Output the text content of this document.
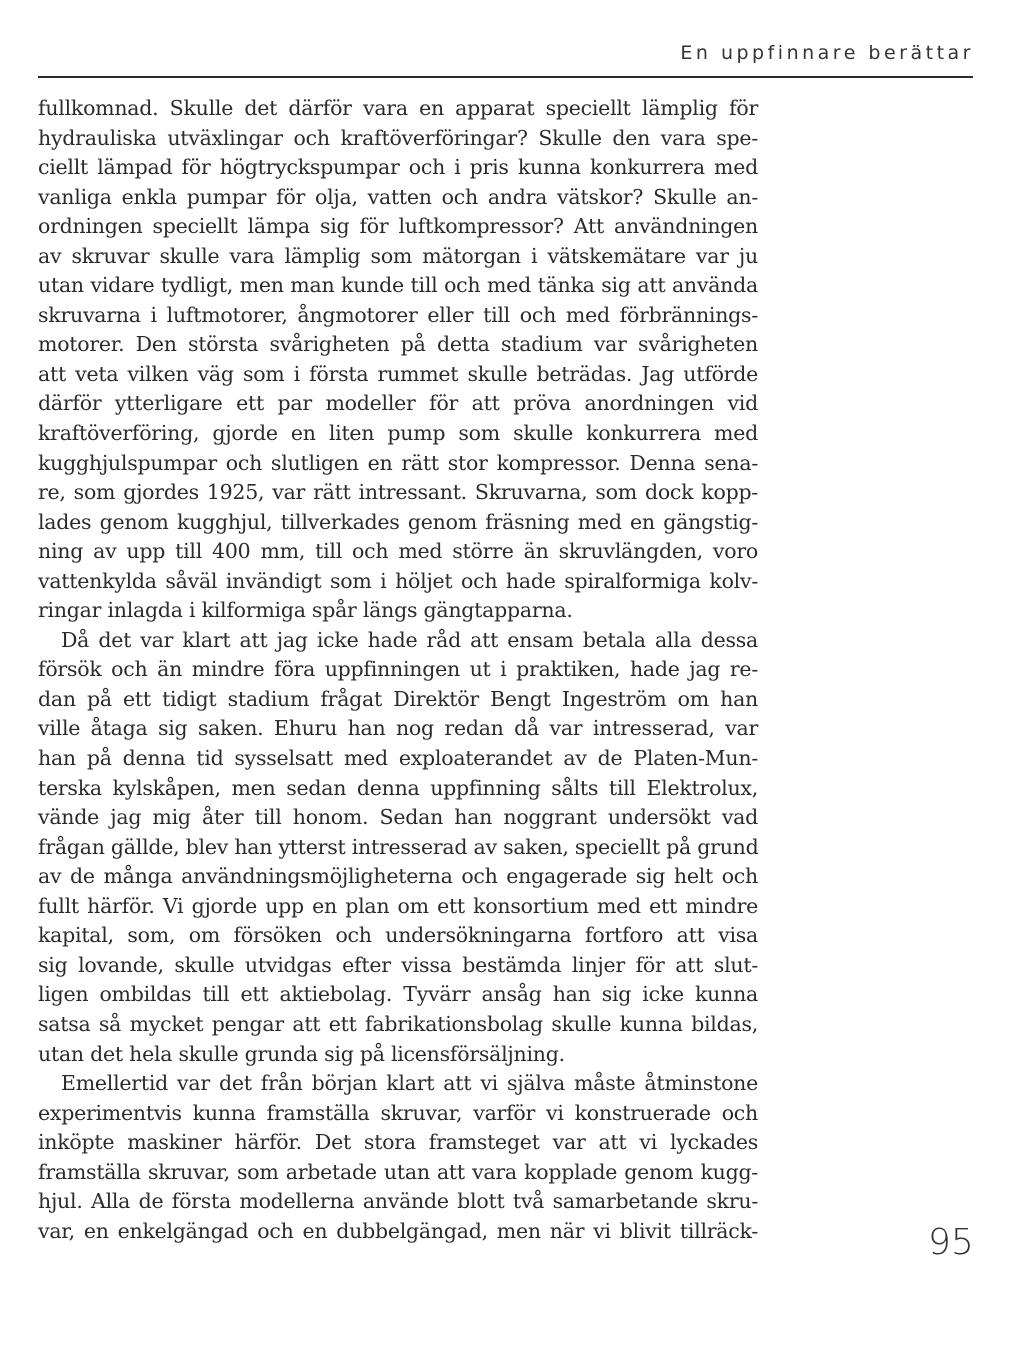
En uppfinnare berättar
fullkomnad. Skulle det därför vara en apparat speciellt lämplig för
hydrauliska utväxlingar och kraftöverföringar? Skulle den vara spe-
ciellt lämpad för högtryckspumpar och i pris kunna konkurrera med
vanliga enkla pumpar för olja, vatten och andra vätskor? Skulle an-
ordningen speciellt lämpa sig för luftkompressor? Att användningen
av skruvar skulle vara lämplig som mätorgan i vätskemätare var ju
utan vidare tydligt, men man kunde till och med tänka sig att använda
skruvarna i luftmotorer, ångmotorer eller till och med förbrännings-
motorer. Den största svårigheten på detta stadium var svårigheten
att veta vilken väg som i första rummet skulle beträdas. Jag utförde
därför ytterligare ett par modeller för att pröva anordningen vid
kraftöverföring, gjorde en liten pump som skulle konkurrera med
kugghjulspumpar och slutligen en rätt stor kompressor. Denna sena-
re, som gjordes 1925, var rätt intressant. Skruvarna, som dock kopp-
lades genom kugghjul, tillverkades genom fräsning med en gängstig-
ning av upp till 400 mm, till och med större än skruvlängden, voro
vattenkylda såväl invändigt som i höljet och hade spiralformiga kolv-
ringar inlagda i kilformiga spår längs gängtapparna.
Då det var klart att jag icke hade råd att ensam betala alla dessa
försök och än mindre föra uppfinningen ut i praktiken, hade jag re-
dan på ett tidigt stadium frågat Direktör Bengt Ingeström om han
ville åtaga sig saken. Ehuru han nog redan då var intresserad, var
han på denna tid sysselsatt med exploaterandet av de Platen-Mun-
terska kylskåpen, men sedan denna uppfinning sålts till Elektrolux,
vände jag mig åter till honom. Sedan han noggrant undersökt vad
frågan gällde, blev han ytterst intresserad av saken, speciellt på grund
av de många användningsmöjligheterna och engagerade sig helt och
fullt härför. Vi gjorde upp en plan om ett konsortium med ett mindre
kapital, som, om försöken och undersökningarna fortforo att visa
sig lovande, skulle utvidgas efter vissa bestämda linjer för att slut-
ligen ombildas till ett aktiebolag. Tyvärr ansåg han sig icke kunna
satsa så mycket pengar att ett fabrikationsbolag skulle kunna bildas,
utan det hela skulle grunda sig på licensförsäljning.
Emellertid var det från början klart att vi själva måste åtminstone
experimentvis kunna framställa skruvar, varför vi konstruerade och
inköpte maskiner härför. Det stora framsteget var att vi lyckades
framställa skruvar, som arbetade utan att vara kopplade genom kugg-
hjul. Alla de första modellerna använde blott två samarbetande skru-
var, en enkelgängad och en dubbelgängad, men när vi blivit tillräck-	95
